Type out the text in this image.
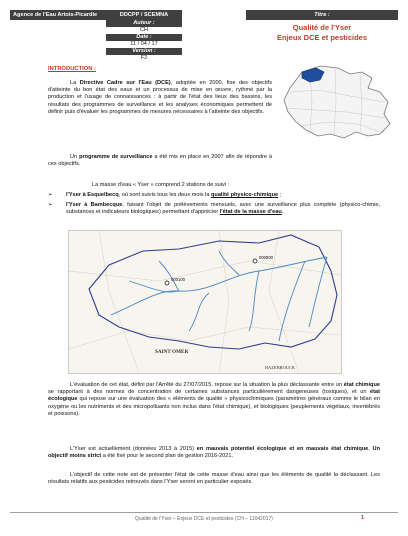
Agence de l'Eau Artois-Picardie	DDCPP / SCEMNA
Auteur :
CH
Date :
11 / 04 / 17
Version :
F2
Titre :
Qualité de l'Yser
Enjeux DCE et pesticides
INTRODUCTION :
La Directive Cadre sur l'Eau (DCE), adoptée en 2000, fixe des objectifs d'atteinte du bon état des eaux et un processus de mise en œuvre, rythmé par la production et l'usage de connaissances : à partir de l'état des lieux des bassins, les résultats des programmes de surveillance et les analyses économiques permettent de définir puis d'évaluer les programmes de mesures nécessaires à l'atteinte des objectifs.
Un programme de surveillance a été mis en place en 2007 afin de répondre à ces objectifs.
La masse d'eau « Yser » comprend 2 stations de suivi :
➢ l'Yser à Esquelbecq, où sont suivis tous les deux mois la qualité physico-chimique ;
➢ l'Yser à Bambecque, faisant l'objet de prélèvements mensuels, avec une surveillance plus complète (physico-chimie, substances et indicateurs biologiques) permettant d'apprécier l'état de la masse d'eau.
000800
000100
SAINT OMER
HAZEBROUCK
L'évaluation de cet état, défini par l'Arrêté du 27/07/2015, repose sur la situation la plus déclassante entre un état chimique se rapportant à des normes de concentration de certaines substances particulièrement dangereuses (toxiques), et un état écologique qui repose sur une évaluation des « éléments de qualité » physicochimiques (paramètres généraux comme le bilan en oxygène ou les nutriments et des micropolluants non inclus dans l'état chimique), et biologiques (peuplements végétaux, invertébrés et poissons).
L'Yser est actuellement (données 2013 à 2015) en mauvais potentiel écologique et en mauvais état chimique. Un objectif moins strict a été fixé pour le second plan de gestion 2016-2021.
L'objectif de cette note est de présenter l'état de cette masse d'eau ainsi que les éléments de qualité la déclassant. Les résultats relatifs aux pesticides retrouvés dans l'Yser seront en particulier exposés.
Qualité de l'Yser – Enjeux DCE et pesticides (CH – 11042017)	1
